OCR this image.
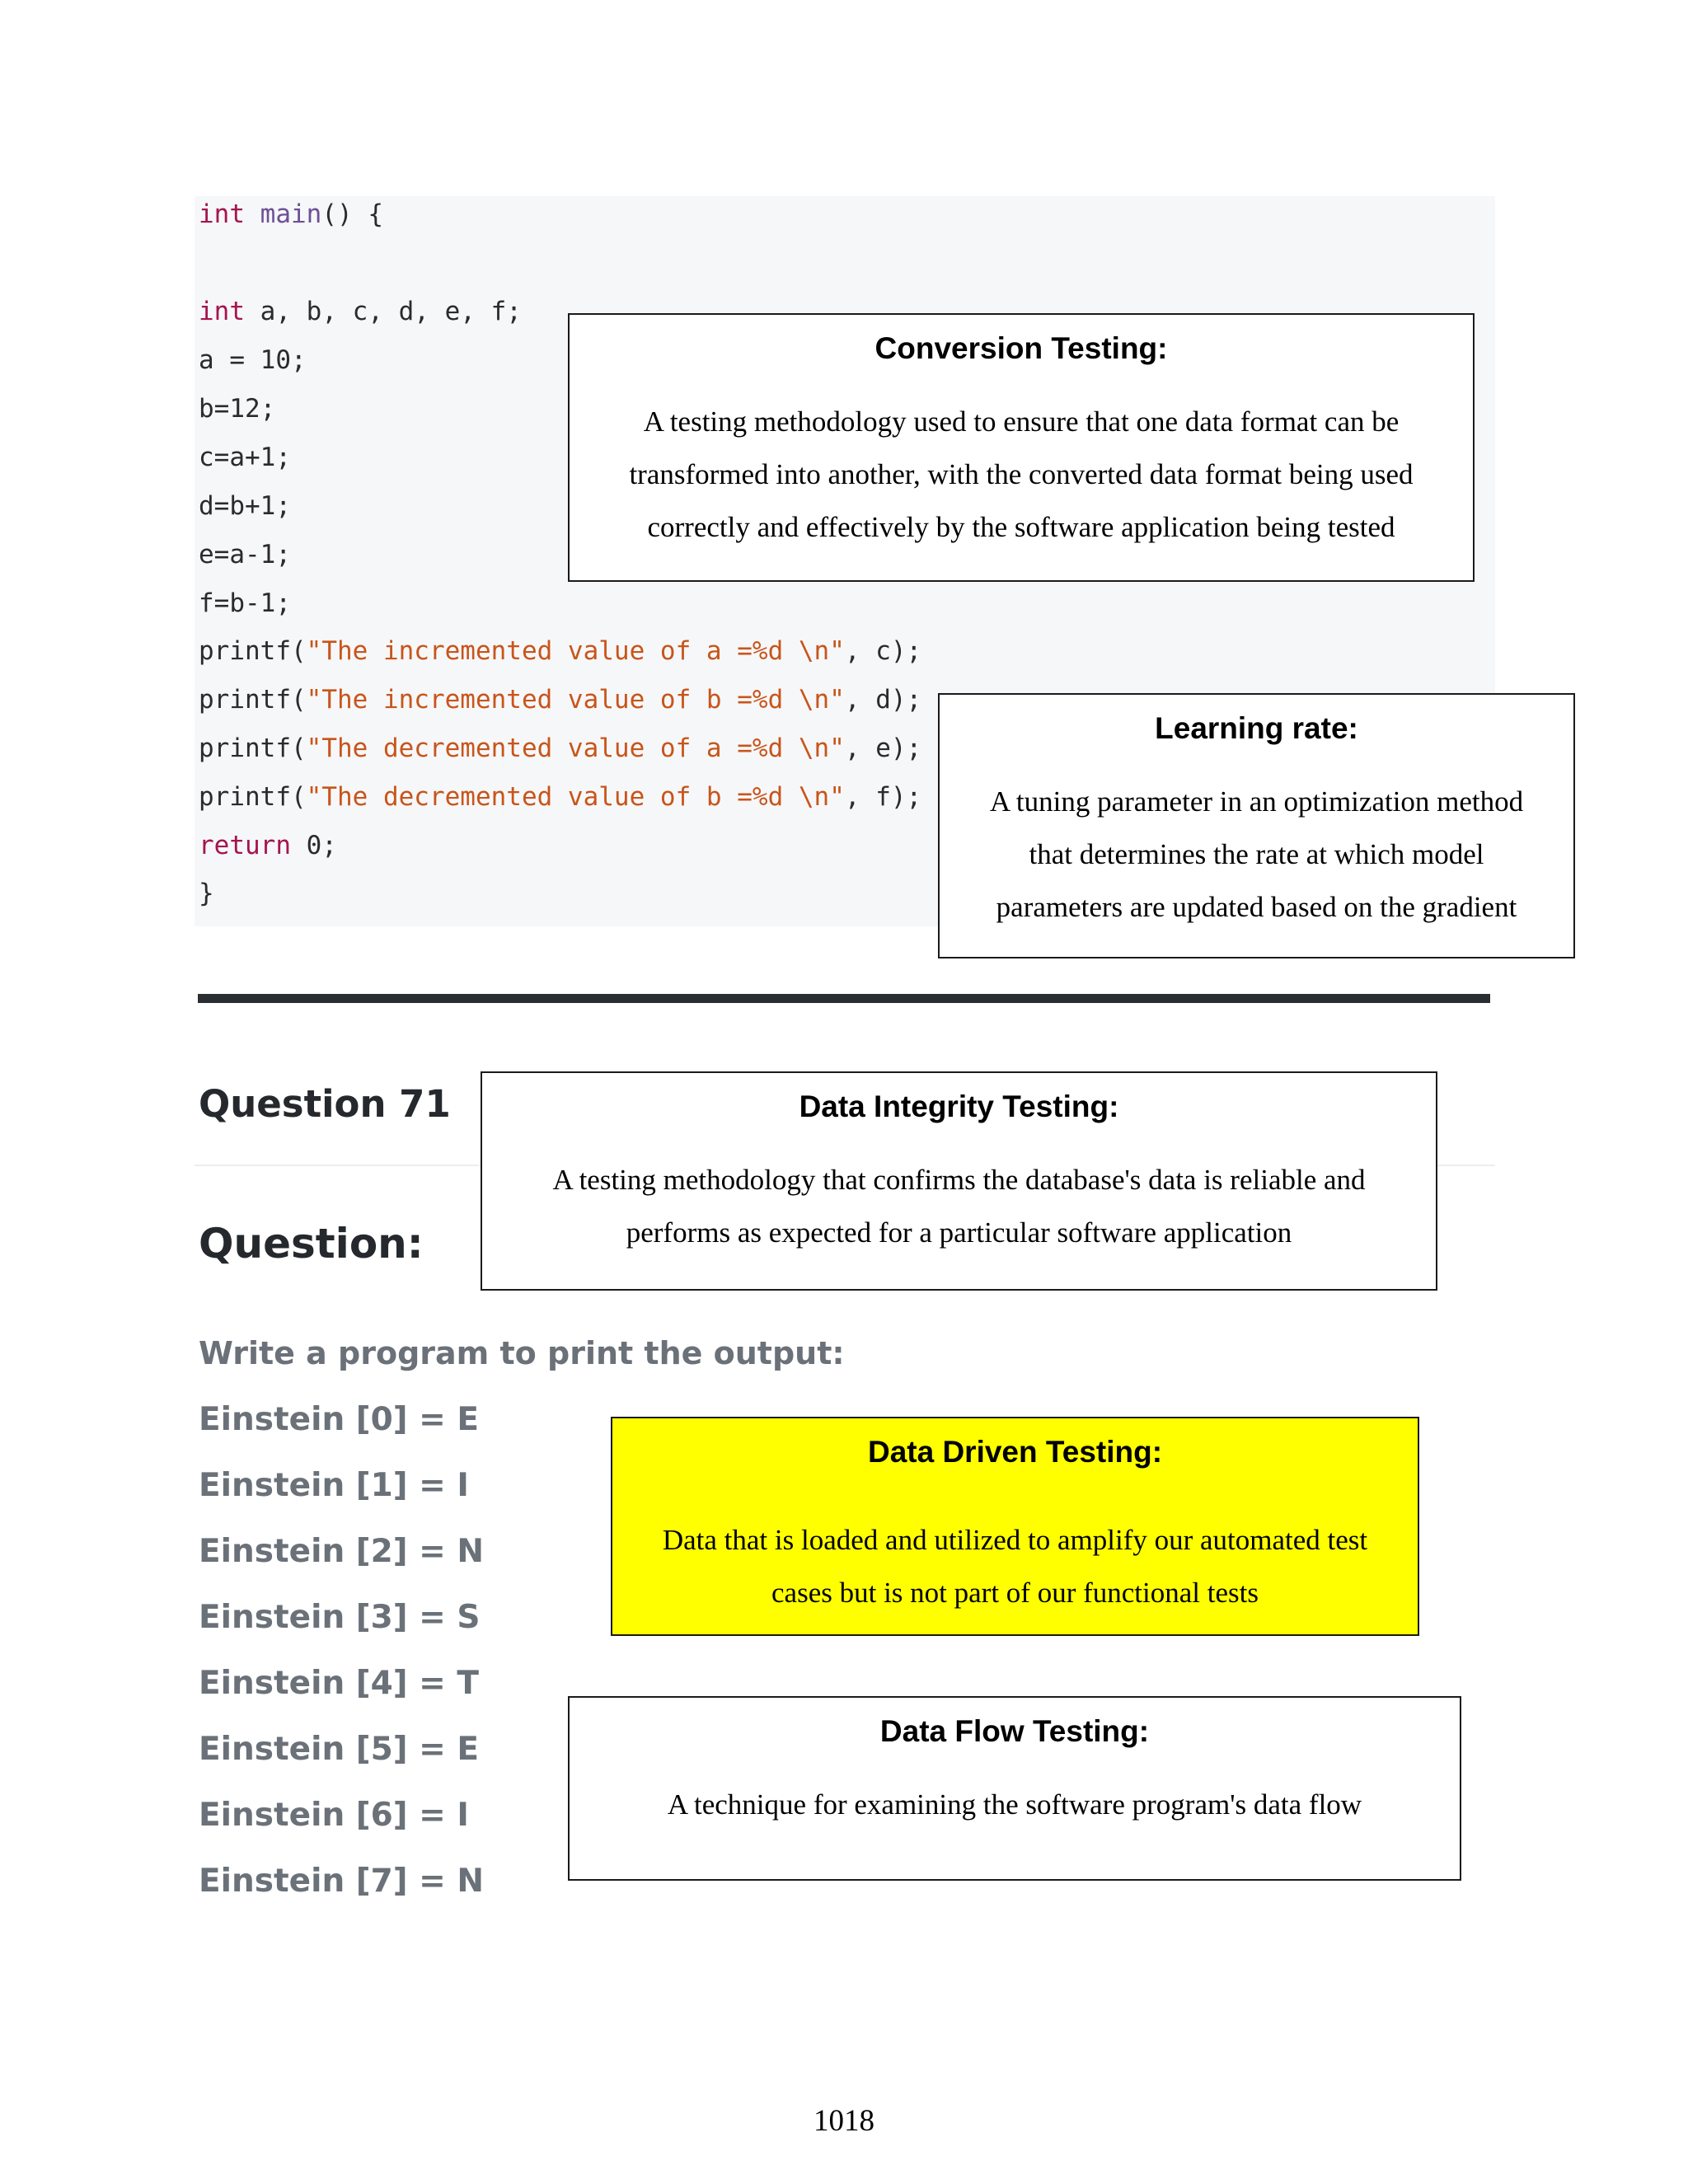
int main() {
int a, b, c, d, e, f;
a = 10;
b=12;
c=a+1;
d=b+1;
e=a-1;
f=b-1;
printf("The incremented value of a =%d \n", c);
printf("The incremented value of b =%d \n", d);
printf("The decremented value of a =%d \n", e);
printf("The decremented value of b =%d \n", f);
return 0;
}
Question 71
Question:
Write a program to print the output:
Einstein [0] = E
Einstein [1] = I
Einstein [2] = N
Einstein [3] = S
Einstein [4] = T
Einstein [5] = E
Einstein [6] = I
Einstein [7] = N
Conversion Testing:
A testing methodology used to ensure that one data format can be
transformed into another, with the converted data format being used
correctly and effectively by the software application being tested
Learning rate:
A tuning parameter in an optimization method
that determines the rate at which model
parameters are updated based on the gradient
Data Integrity Testing:
A testing methodology that confirms the database's data is reliable and
performs as expected for a particular software application
Data Driven Testing:
Data that is loaded and utilized to amplify our automated test
cases but is not part of our functional tests
Data Flow Testing:
A technique for examining the software program's data flow
1018
